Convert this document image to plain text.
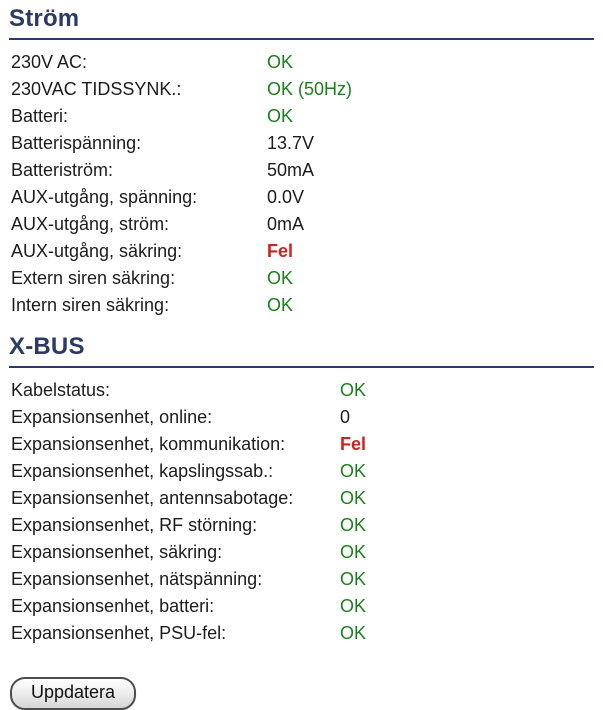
Ström
230V AC:	OK
230VAC TIDSSYNK.:	OK (50Hz)
Batteri:	OK
Batterispänning:	13.7V
Batteriström:	50mA
AUX-utgång, spänning:	0.0V
AUX-utgång, ström:	0mA
AUX-utgång, säkring:	Fel
Extern siren säkring:	OK
Intern siren säkring:	OK
X-BUS
Kabelstatus:	OK
Expansionsenhet, online:	0
Expansionsenhet, kommunikation:	Fel
Expansionsenhet, kapslingssab.:	OK
Expansionsenhet, antennsabotage:	OK
Expansionsenhet, RF störning:	OK
Expansionsenhet, säkring:	OK
Expansionsenhet, nätspänning:	OK
Expansionsenhet, batteri:	OK
Expansionsenhet, PSU-fel:	OK
Uppdatera
